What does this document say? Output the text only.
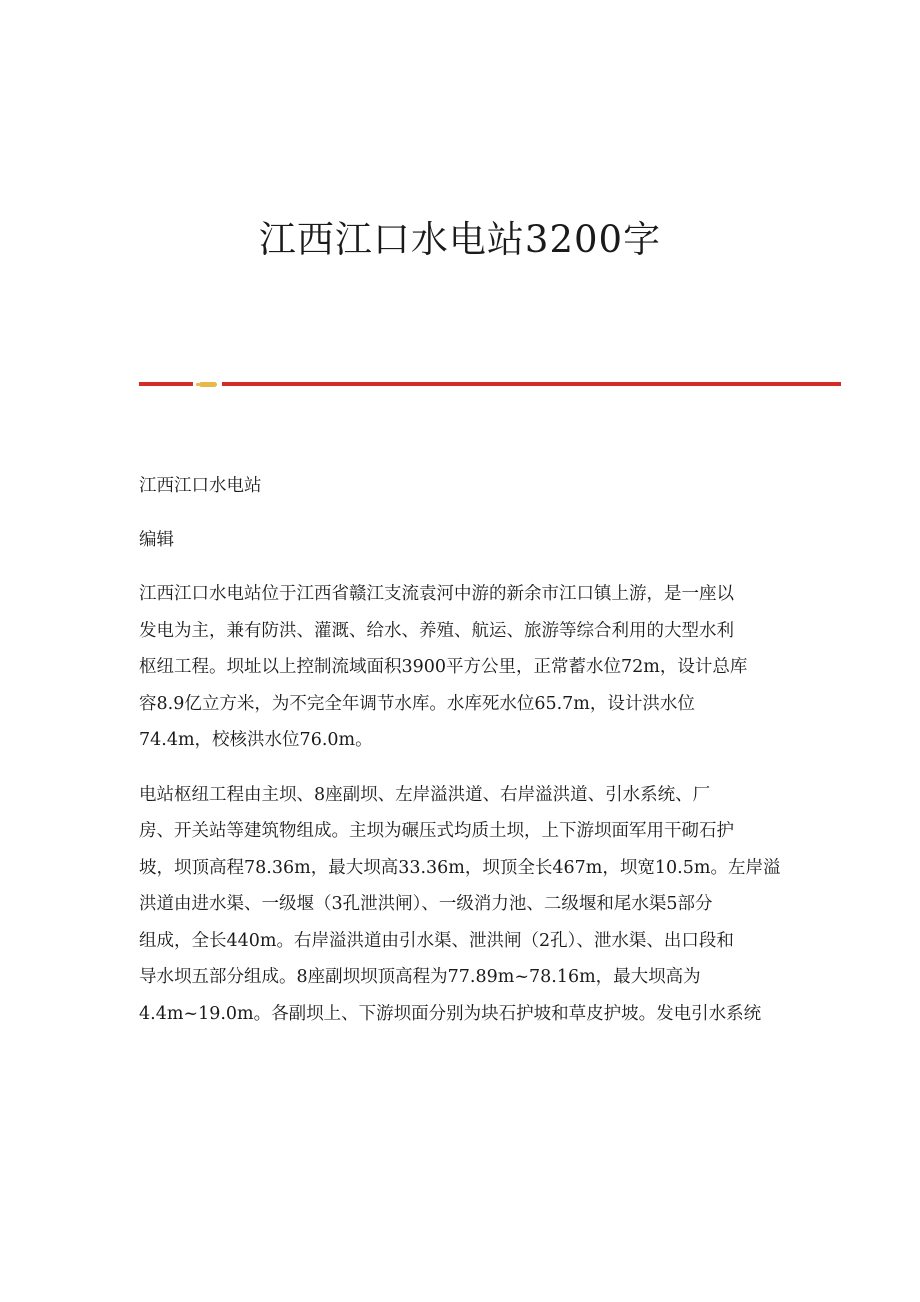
江西江口水电站3200字

江西江口水电站

编辑

江西江口水电站位于江西省赣江支流袁河中游的新余市江口镇上游，是一座以
发电为主，兼有防洪、灌溉、给水、养殖、航运、旅游等综合利用的大型水利
枢纽工程。坝址以上控制流域面积3900平方公里，正常蓄水位72m，设计总库
容8.9亿立方米，为不完全年调节水库。水库死水位65.7m，设计洪水位
74.4m，校核洪水位76.0m。

电站枢纽工程由主坝、8座副坝、左岸溢洪道、右岸溢洪道、引水系统、厂
房、开关站等建筑物组成。主坝为碾压式均质土坝，上下游坝面军用干砌石护
坡，坝顶高程78.36m，最大坝高33.36m，坝顶全长467m，坝宽10.5m。左岸溢
洪道由进水渠、一级堰（3孔泄洪闸）、一级消力池、二级堰和尾水渠5部分
组成，全长440m。右岸溢洪道由引水渠、泄洪闸（2孔）、泄水渠、出口段和
导水坝五部分组成。8座副坝坝顶高程为77.89m~78.16m，最大坝高为
4.4m~19.0m。各副坝上、下游坝面分别为块石护坡和草皮护坡。发电引水系统
